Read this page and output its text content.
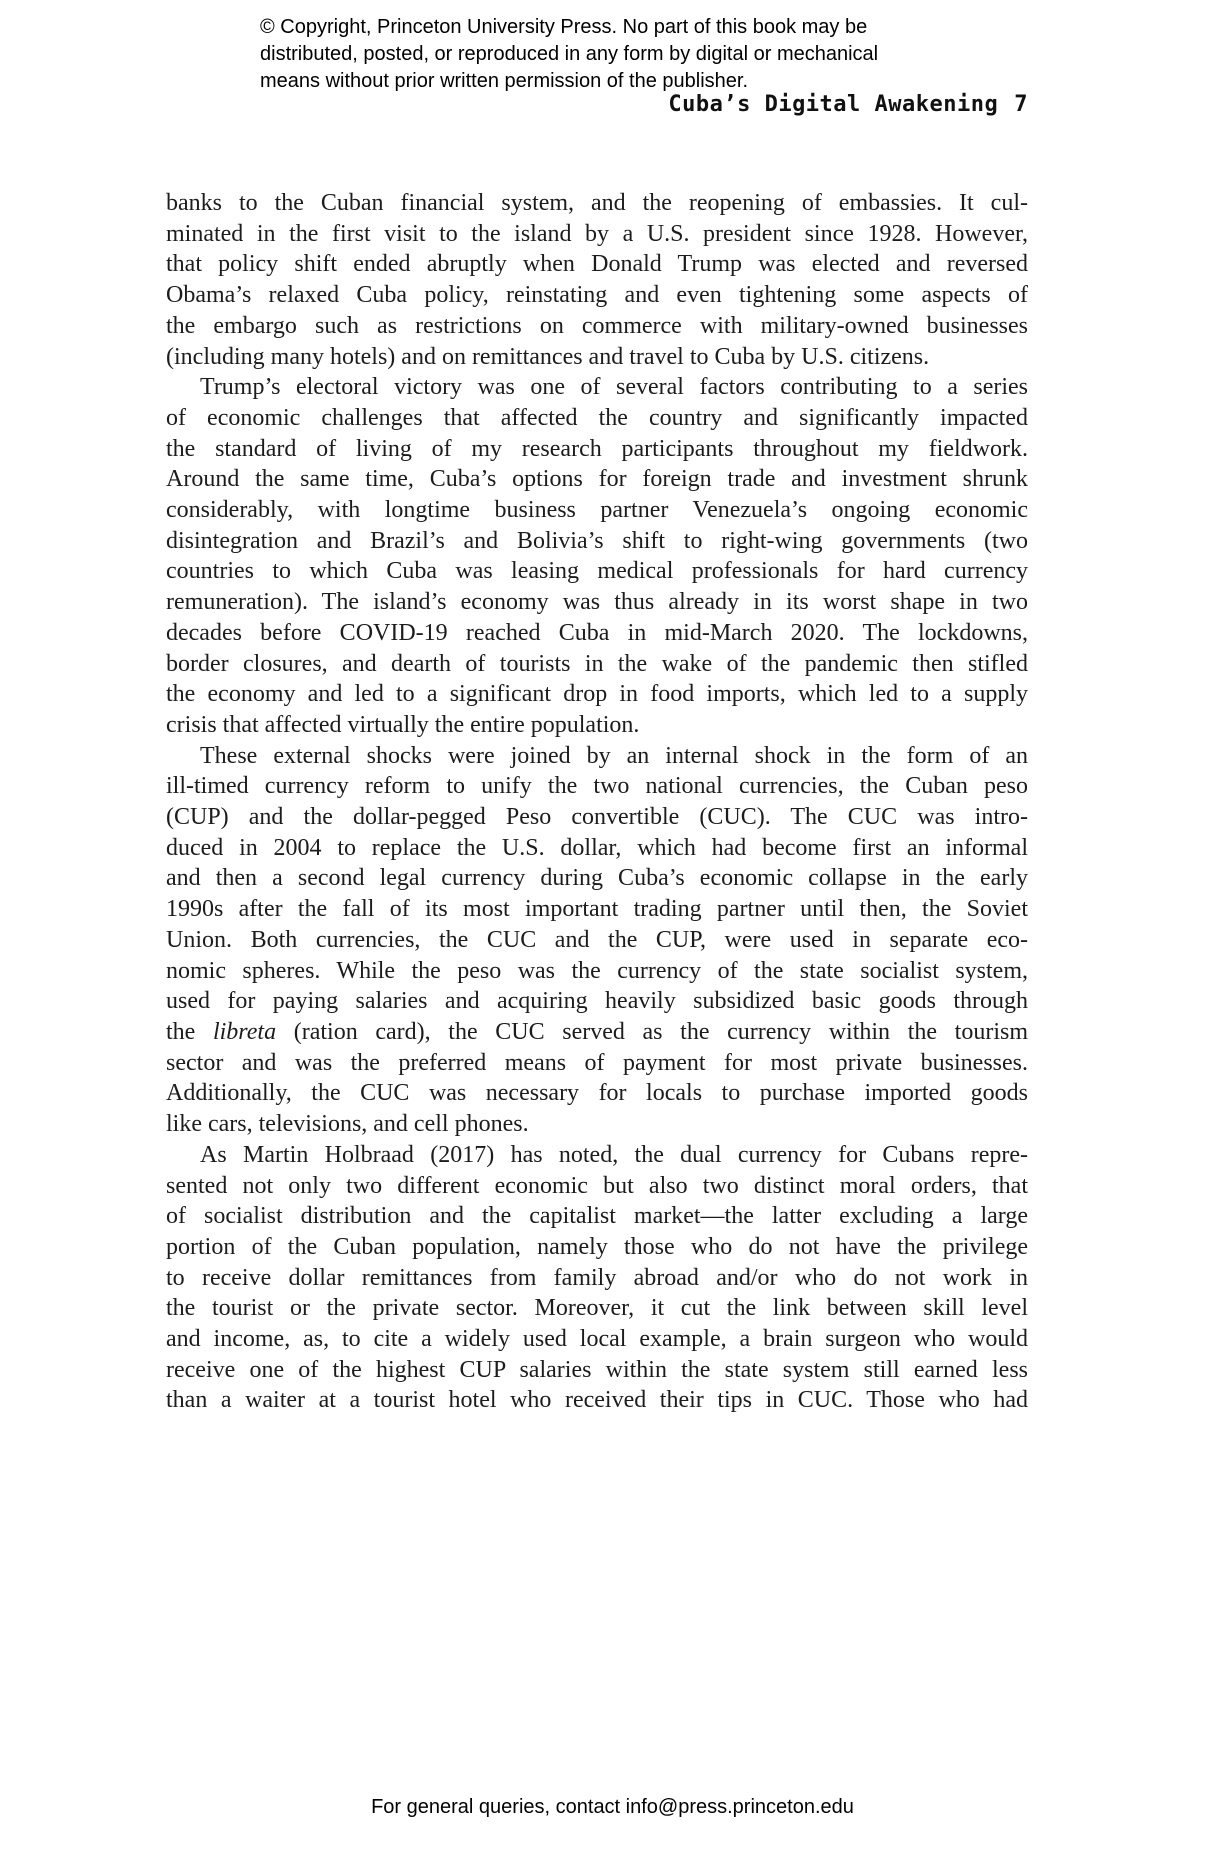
© Copyright, Princeton University Press. No part of this book may be
distributed, posted, or reproduced in any form by digital or mechanical
means without prior written permission of the publisher.
Cuba’s Digital Awakening 7
banks to the Cuban financial system, and the reopening of embassies. It cul-
minated in the first visit to the island by a U.S. president since 1928. However,
that policy shift ended abruptly when Donald Trump was elected and reversed
Obama’s relaxed Cuba policy, reinstating and even tightening some aspects of
the embargo such as restrictions on commerce with military-owned businesses
(including many hotels) and on remittances and travel to Cuba by U.S. citizens.
Trump’s electoral victory was one of several factors contributing to a series
of economic challenges that affected the country and significantly impacted
the standard of living of my research participants throughout my fieldwork.
Around the same time, Cuba’s options for foreign trade and investment shrunk
considerably, with longtime business partner Venezuela’s ongoing economic
disintegration and Brazil’s and Bolivia’s shift to right-wing governments (two
countries to which Cuba was leasing medical professionals for hard currency
remuneration). The island’s economy was thus already in its worst shape in two
decades before COVID-19 reached Cuba in mid-March 2020. The lockdowns,
border closures, and dearth of tourists in the wake of the pandemic then stifled
the economy and led to a significant drop in food imports, which led to a supply
crisis that affected virtually the entire population.
These external shocks were joined by an internal shock in the form of an
ill-timed currency reform to unify the two national currencies, the Cuban peso
(CUP) and the dollar-pegged Peso convertible (CUC). The CUC was intro-
duced in 2004 to replace the U.S. dollar, which had become first an informal
and then a second legal currency during Cuba’s economic collapse in the early
1990s after the fall of its most important trading partner until then, the Soviet
Union. Both currencies, the CUC and the CUP, were used in separate eco-
nomic spheres. While the peso was the currency of the state socialist system,
used for paying salaries and acquiring heavily subsidized basic goods through
the libreta (ration card), the CUC served as the currency within the tourism
sector and was the preferred means of payment for most private businesses.
Additionally, the CUC was necessary for locals to purchase imported goods
like cars, televisions, and cell phones.
As Martin Holbraad (2017) has noted, the dual currency for Cubans repre-
sented not only two different economic but also two distinct moral orders, that
of socialist distribution and the capitalist market—the latter excluding a large
portion of the Cuban population, namely those who do not have the privilege
to receive dollar remittances from family abroad and/or who do not work in
the tourist or the private sector. Moreover, it cut the link between skill level
and income, as, to cite a widely used local example, a brain surgeon who would
receive one of the highest CUP salaries within the state system still earned less
than a waiter at a tourist hotel who received their tips in CUC. Those who had
For general queries, contact info@press.princeton.edu
